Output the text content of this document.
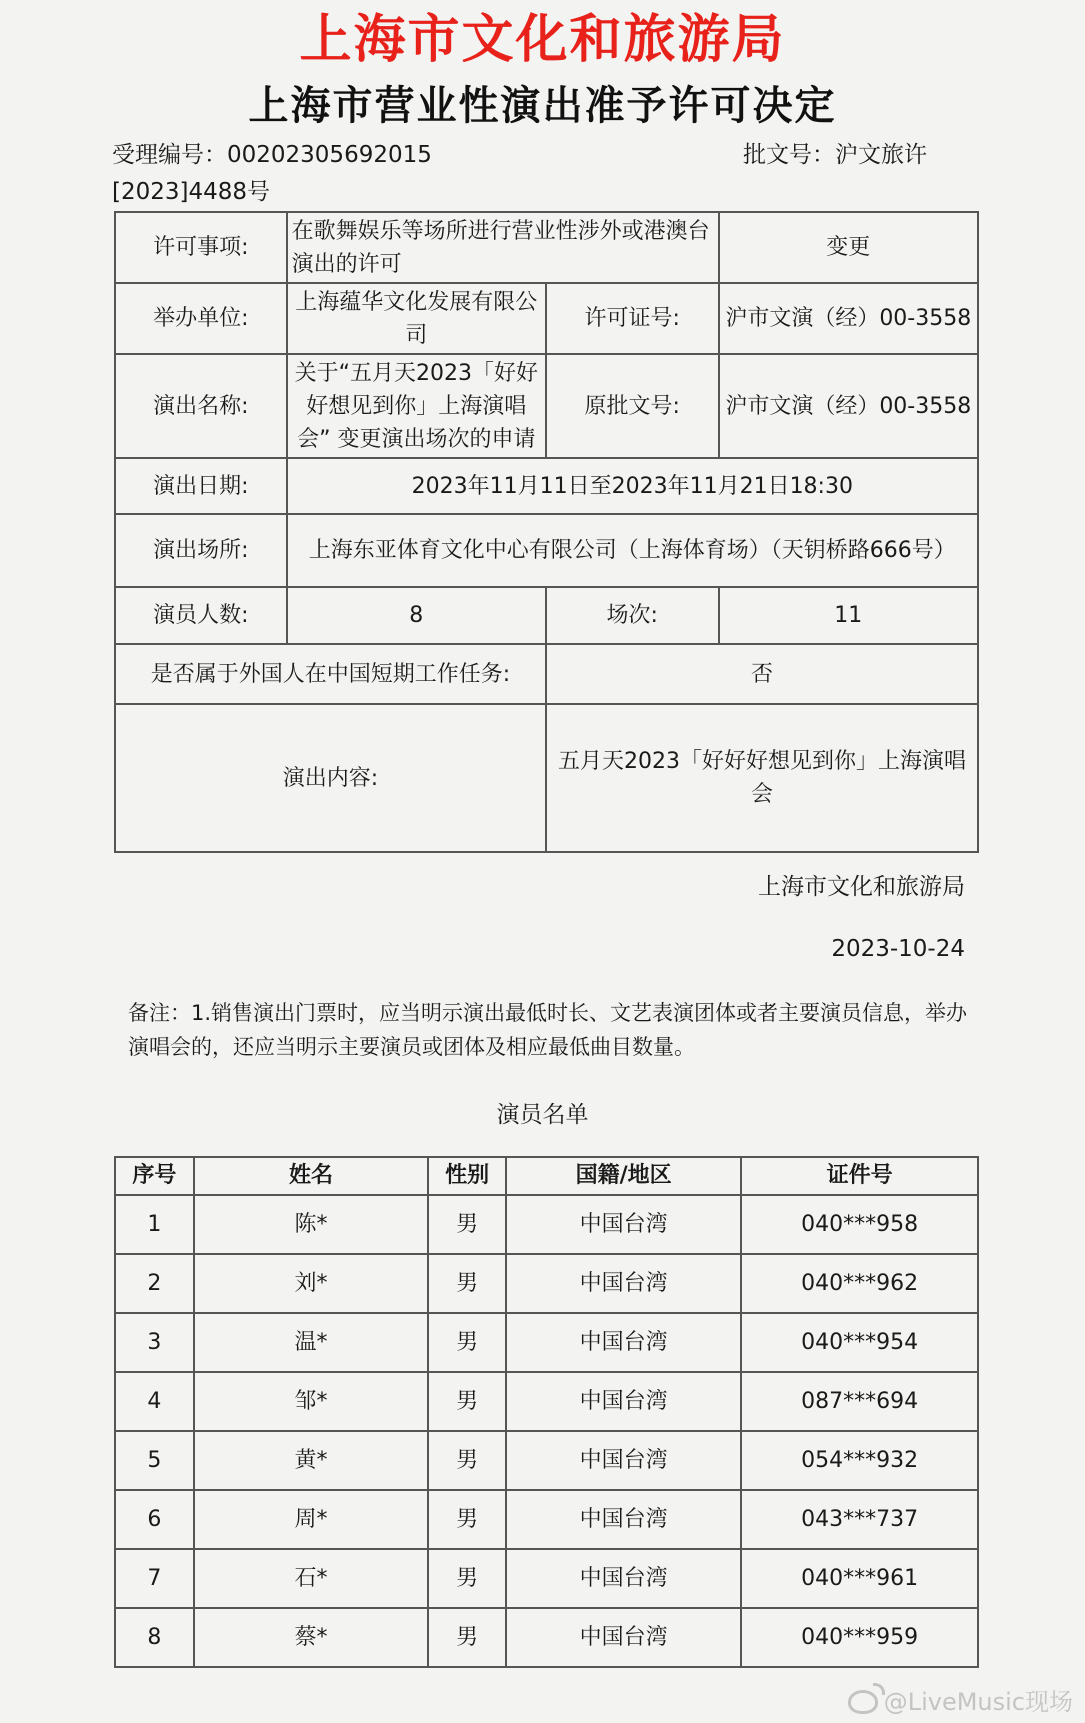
上海市文化和旅游局
上海市营业性演出准予许可决定
受理编号：00202305692015	批文号：沪文旅许
[2023]4488号
许可事项:	在歌舞娱乐等场所进行营业性涉外或港澳台演出的许可		变更
举办单位:	上海蕴华文化发展有限公司	许可证号:	沪市文演（经）00-3558
演出名称:	关于“五月天2023「好好好想见到你」上海演唱会” 变更演出场次的申请	原批文号:	沪市文演（经）00-3558
演出日期:	2023年11月11日至2023年11月21日18:30		
演出场所:	上海东亚体育文化中心有限公司（上海体育场）（天钥桥路666号）		
演员人数:	8	场次:	11
是否属于外国人在中国短期工作任务:		否	
演出内容:		五月天2023「好好好想见到你」上海演唱会	
上海市文化和旅游局
2023-10-24
备注：1.销售演出门票时，应当明示演出最低时长、文艺表演团体或者主要演员信息，举办演唱会的，还应当明示主要演员或团体及相应最低曲目数量。
演员名单
序号	姓名	性别	国籍/地区	证件号
1	陈*	男	中国台湾	040***958
2	刘*	男	中国台湾	040***962
3	温*	男	中国台湾	040***954
4	邹*	男	中国台湾	087***694
5	黄*	男	中国台湾	054***932
6	周*	男	中国台湾	043***737
7	石*	男	中国台湾	040***961
8	蔡*	男	中国台湾	040***959
@LiveMusic现场
